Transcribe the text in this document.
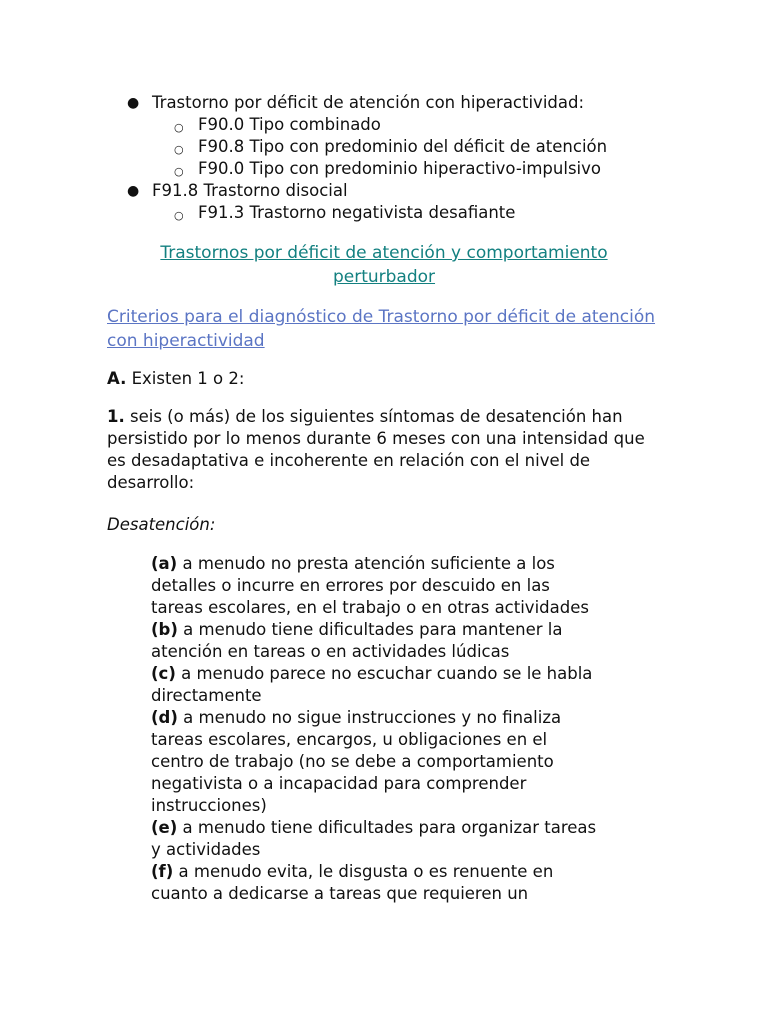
● Trastorno por déficit de atención con hiperactividad:
○ F90.0 Tipo combinado
○ F90.8 Tipo con predominio del déficit de atención
○ F90.0 Tipo con predominio hiperactivo-impulsivo
● F91.8 Trastorno disocial
○ F91.3 Trastorno negativista desafiante
Trastornos por déficit de atención y comportamiento perturbador
Criterios para el diagnóstico de Trastorno por déficit de atención con hiperactividad

A. Existen 1 o 2:

1. seis (o más) de los siguientes síntomas de desatención han persistido por lo menos durante 6 meses con una intensidad que es desadaptativa e incoherente en relación con el nivel de desarrollo:

Desatención:

(a) a menudo no presta atención suficiente a los detalles o incurre en errores por descuido en las tareas escolares, en el trabajo o en otras actividades
(b) a menudo tiene dificultades para mantener la atención en tareas o en actividades lúdicas
(c) a menudo parece no escuchar cuando se le habla directamente
(d) a menudo no sigue instrucciones y no finaliza tareas escolares, encargos, u obligaciones en el centro de trabajo (no se debe a comportamiento negativista o a incapacidad para comprender instrucciones)
(e) a menudo tiene dificultades para organizar tareas y actividades
(f) a menudo evita, le disgusta o es renuente en cuanto a dedicarse a tareas que requieren un
